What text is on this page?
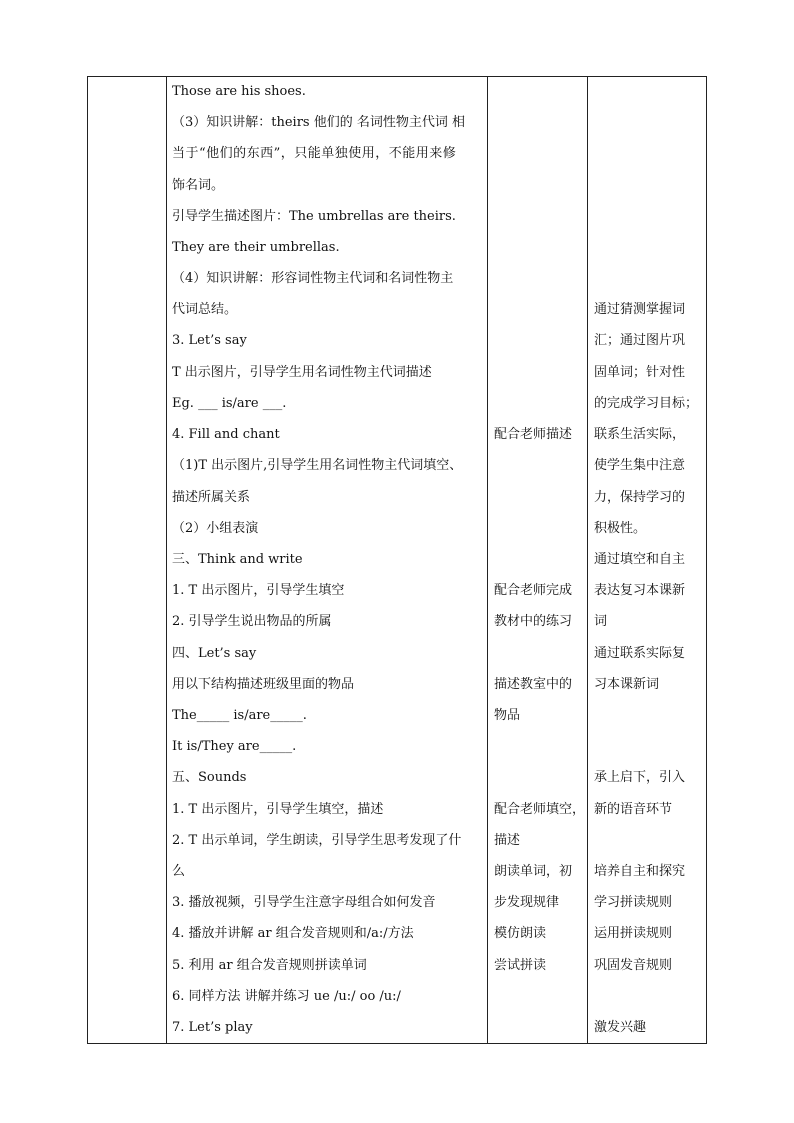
Those are his shoes.
（3）知识讲解：theirs 他们的 名词性物主代词 相
当于“他们的东西”，只能单独使用，不能用来修
饰名词。
引导学生描述图片：The umbrellas are theirs.
They are their umbrellas.
（4）知识讲解：形容词性物主代词和名词性物主
代词总结。
3. Let’s say
T 出示图片，引导学生用名词性物主代词描述
Eg. ___ is/are ___.
4. Fill and chant
（1)T 出示图片,引导学生用名词性物主代词填空、
描述所属关系
（2）小组表演
三、Think and write
1. T 出示图片，引导学生填空
2. 引导学生说出物品的所属
四、Let’s say
用以下结构描述班级里面的物品
The_____ is/are_____.
It is/They are_____.
五、Sounds
1. T 出示图片，引导学生填空，描述
2. T 出示单词，学生朗读，引导学生思考发现了什
么
3. 播放视频，引导学生注意字母组合如何发音
4. 播放并讲解 ar 组合发音规则和/a:/方法
5. 利用 ar 组合发音规则拼读单词
6. 同样方法 讲解并练习 ue /u:/ oo /u:/
7. Let’s play
配合老师描述
配合老师完成
教材中的练习
描述教室中的
物品
配合老师填空，
描述
朗读单词，初
步发现规律
模仿朗读
尝试拼读
通过猜测掌握词
汇；通过图片巩
固单词；针对性
的完成学习目标；
联系生活实际，
使学生集中注意
力，保持学习的
积极性。
通过填空和自主
表达复习本课新
词
通过联系实际复
习本课新词
承上启下，引入
新的语音环节
培养自主和探究
学习拼读规则
运用拼读规则
巩固发音规则
激发兴趣
